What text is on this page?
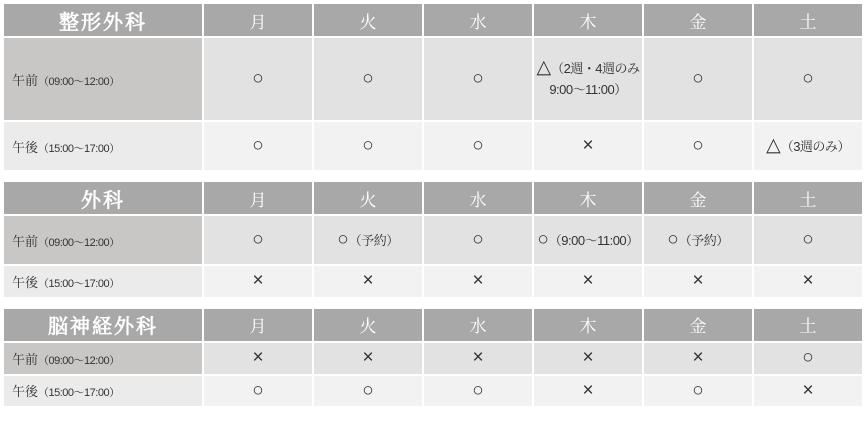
整形外科	月	火	水	木	金	土
午前（09:00〜12:00）	○	○	○	△（2週・4週のみ 9:00〜11:00）	○	○

午後（15:00〜17:00）	○	○	○	×	○	△（3週のみ）
外科	月	火	水	木	金	土
午前（09:00〜12:00）	○	○（予約）	○	○（9:00〜11:00）	○（予約）	○

午後（15:00〜17:00）	×	×	×	×	×	×
脳神経外科	月	火	水	木	金	土
午前（09:00〜12:00）	×	×	×	×	×	○

午後（15:00〜17:00）	○	○	○	×	○	×
